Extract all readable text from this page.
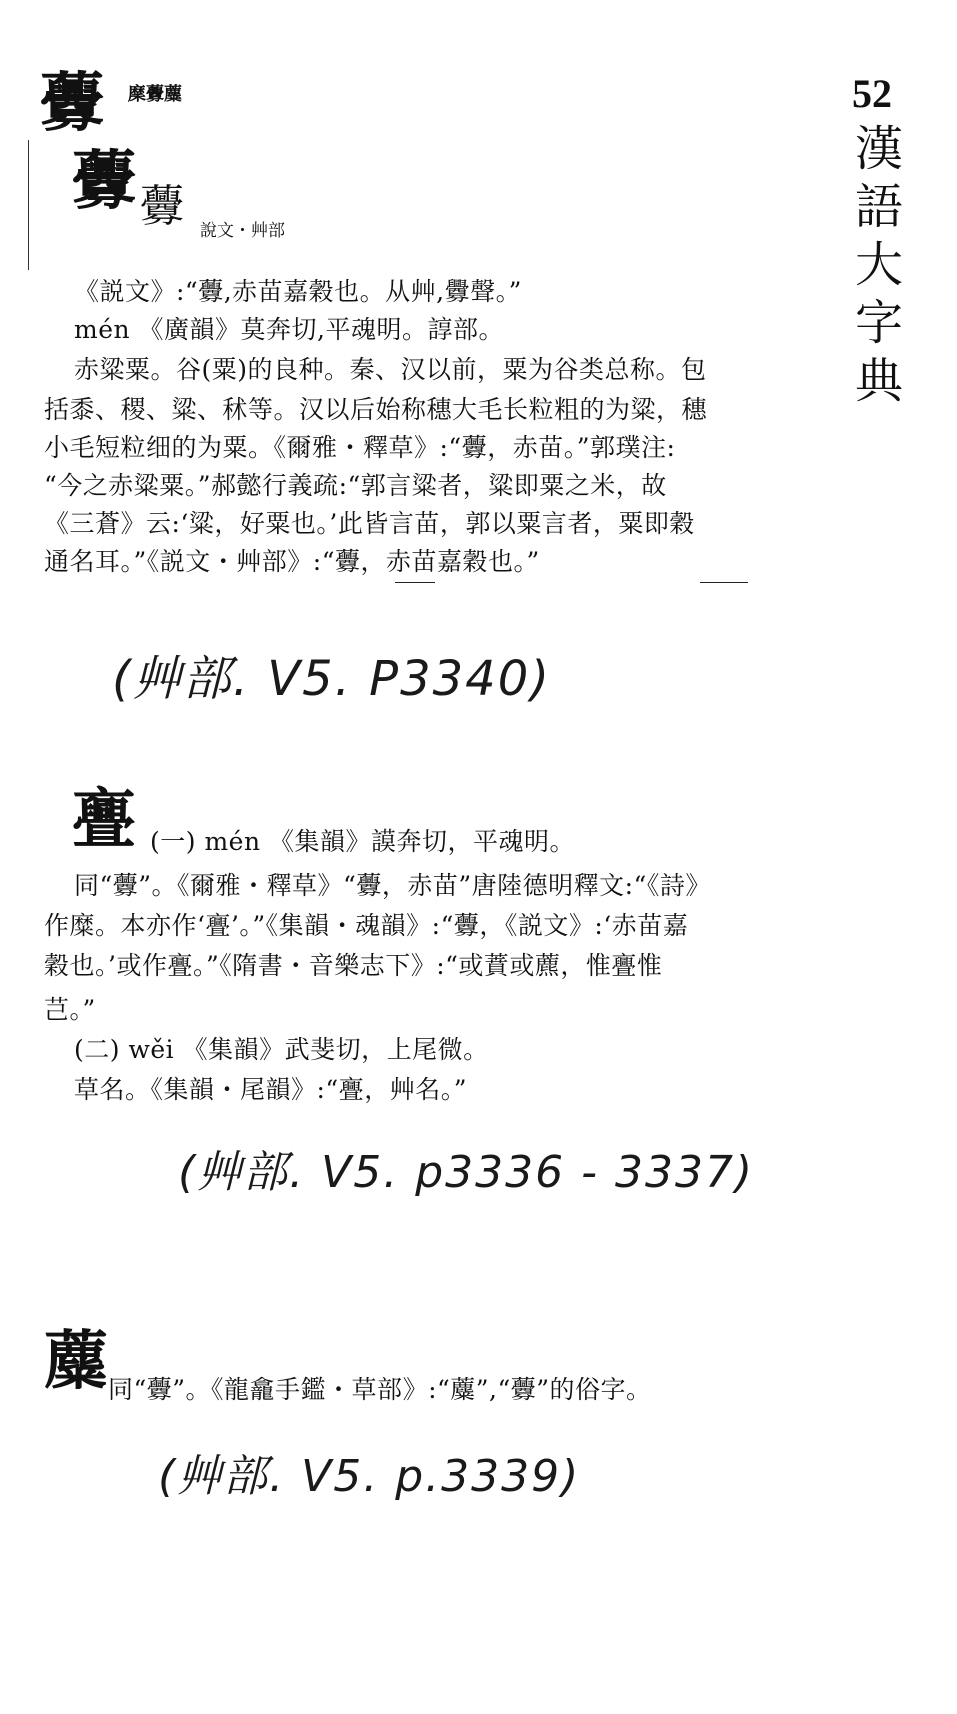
52
漢
語
大
字
典
虋 穈虋蘪
虋 虋 說文・艸部
《説文》:“虋,赤苗嘉穀也。从艸,釁聲。”
mén 《廣韻》莫奔切,平魂明。諄部。
赤粱粟。谷(粟)的良种。秦、汉以前，粟为谷类总称。包
括黍、稷、粱、秫等。汉以后始称穗大毛长粒粗的为粱，穗
小毛短粒细的为粟。《爾雅・釋草》:“虋，赤苗。”郭璞注:
“今之赤粱粟。”郝懿行義疏:“郭言粱者，粱即粟之米，故
《三蒼》云:‘粱，好粟也。’此皆言苗，郭以粟言者，粟即穀
通名耳。”《説文・艸部》:“虋，赤苗嘉穀也。”
(艸部. V5. P3340)
亹 (一) mén 《集韻》謨奔切，平魂明。
同“虋”。《爾雅・釋草》“虋，赤苗”唐陸德明釋文:“《詩》
作糜。本亦作‘亹’。”《集韻・魂韻》:“虋，《説文》:‘赤苗嘉
穀也。’或作亹。”《隋書・音樂志下》:“或蕡或藨，惟亹惟
芑。”
(二) wěi 《集韻》武斐切，上尾微。
草名。《集韻・尾韻》:“亹，艸名。”
(艸部. V5. p3336 - 3337)
蘪 同“虋”。《龍龕手鑑・草部》:“蘪”,“虋”的俗字。
(艸部. V5. p.3339)
